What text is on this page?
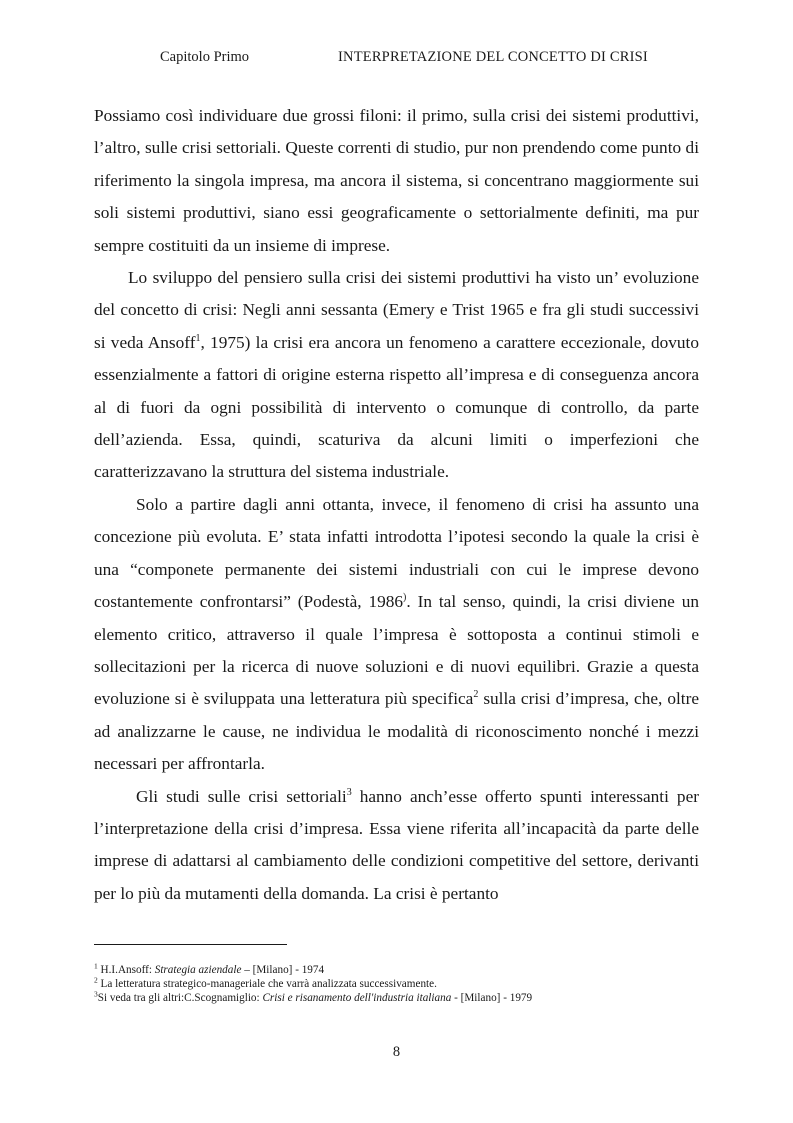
Capitolo Primo	INTERPRETAZIONE DEL CONCETTO DI CRISI

Possiamo così individuare due grossi filoni: il primo, sulla crisi dei sistemi produttivi, l’altro, sulle crisi settoriali. Queste correnti di studio, pur non prendendo come punto di riferimento la singola impresa, ma ancora il sistema, si concentrano maggiormente sui soli sistemi produttivi, siano essi geograficamente o settorialmente definiti, ma pur sempre costituiti da un insieme di imprese.

Lo sviluppo del pensiero sulla crisi dei sistemi produttivi ha visto un’ evoluzione del concetto di crisi: Negli anni sessanta (Emery e Trist 1965 e fra gli studi successivi si veda Ansoff$^1$, 1975) la crisi era ancora un fenomeno a carattere eccezionale, dovuto essenzialmente a fattori di origine esterna rispetto all’impresa e di conseguenza ancora al di fuori da ogni possibilità di intervento o comunque di controllo, da parte dell’azienda. Essa, quindi, scaturiva da alcuni limiti o imperfezioni che caratterizzavano la struttura del sistema industriale.

Solo a partire dagli anni ottanta, invece, il fenomeno di crisi ha assunto una concezione più evoluta. E’ stata infatti introdotta l’ipotesi secondo la quale la crisi è una “componete permanente dei sistemi industriali con cui le imprese devono costantemente confrontarsi” (Podestà, 1986). In tal senso, quindi, la crisi diviene un elemento critico, attraverso il quale l’impresa è sottoposta a continui stimoli e sollecitazioni per la ricerca di nuove soluzioni e di nuovi equilibri. Grazie a questa evoluzione si è sviluppata una letteratura più specifica$^2$ sulla crisi d’impresa, che, oltre ad analizzarne le cause, ne individua le modalità di riconoscimento nonché i mezzi necessari per affrontarla.

Gli studi sulle crisi settoriali$^3$ hanno anch’esse offerto spunti interessanti per l’interpretazione della crisi d’impresa. Essa viene riferita all’incapacità da parte delle imprese di adattarsi al cambiamento delle condizioni competitive del settore, derivanti per lo più da mutamenti della domanda. La crisi è pertanto

$^1$ H.I.Ansoff: Strategia aziendale – [Milano] - 1974

$^2$ La letteratura strategico-manageriale che varrà analizzata successivamente.

$^3$Si veda tra gli altri:C.Scognamiglio: Crisi e risanamento dell'industria italiana - [Milano] - 1979

8
